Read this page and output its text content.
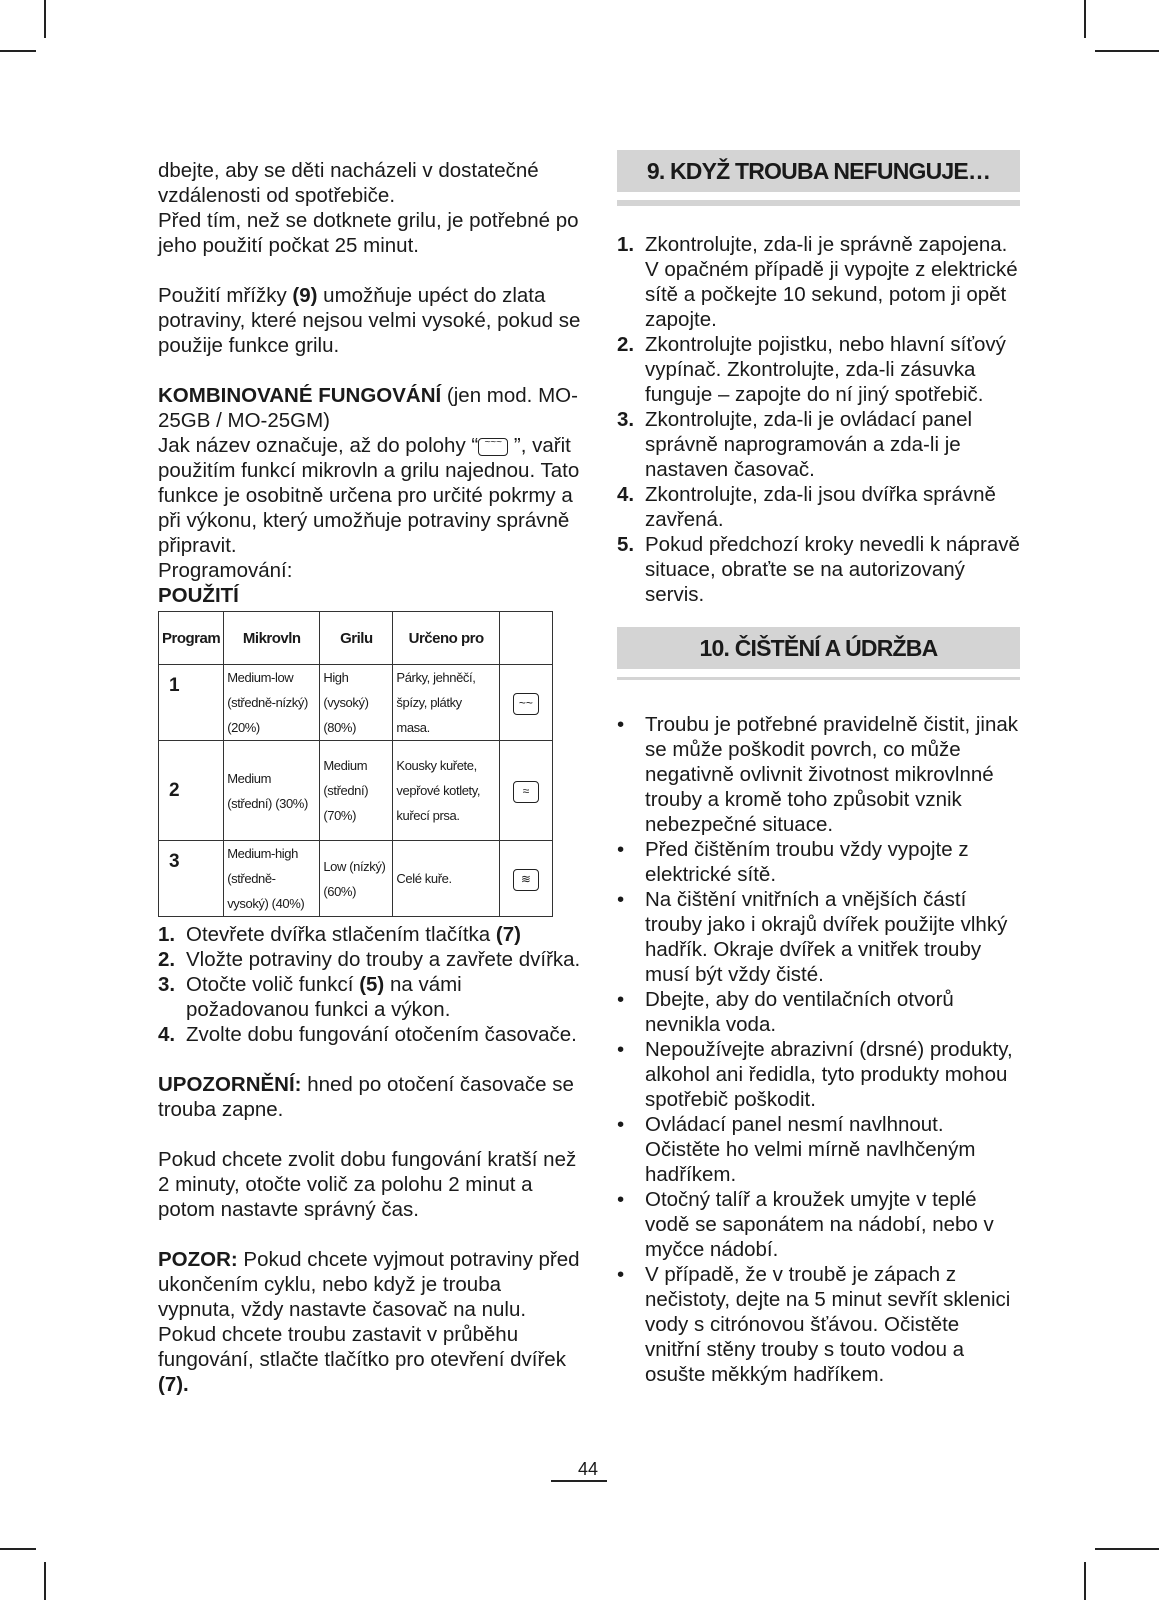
dbejte, aby se děti nacházeli v dostatečné vzdálenosti od spotřebiče.

Před tím, než se dotknete grilu, je potřebné po jeho použití počkat 25 minut.

Použití mřížky (9) umožňuje upéct do zlata potraviny, které nejsou velmi vysoké, pokud se použije funkce grilu.

KOMBINOVANÉ FUNGOVÁNÍ (jen mod. MO-25GB / MO-25GM)

Jak název označuje, až do polohy “ ~~~ ”, vařit použitím funkcí mikrovln a grilu najednou. Tato funkce je osobitně určena pro určité pokrmy a při výkonu, který umožňuje potraviny správně připravit.

Programování:

POUŽITÍ

Program	Mikrovln	Grilu	Určeno pro	
1	Medium-low (středně-nízký) (20%)	High (vysoký) (80%)	Párky, jehněčí, špízy, plátky masa.	~~
2	Medium (střední) (30%)	Medium (střední) (70%)	Kousky kuřete, vepřové kotlety, kuřecí prsa.	≈
3	Medium-high (středně-vysoký) (40%)	Low (nízký) (60%)	Celé kuře.	≋
1. Otevřete dvířka stlačením tlačítka (7)
2. Vložte potraviny do trouby a zavřete dvířka.
3. Otočte volič funkcí (5) na vámi požadovanou funkci a výkon.
4. Zvolte dobu fungování otočením časovače.

UPOZORNĚNÍ: hned po otočení časovače se trouba zapne.

Pokud chcete zvolit dobu fungování kratší než 2 minuty, otočte volič za polohu 2 minut a potom nastavte správný čas.

POZOR: Pokud chcete vyjmout potraviny před ukončením cyklu, nebo když je trouba vypnuta, vždy nastavte časovač na nulu. Pokud chcete troubu zastavit v průběhu fungování, stlačte tlačítko pro otevření dvířek (7).

9. KDYŽ TROUBA NEFUNGUJE…
1. Zkontrolujte, zda-li je správně zapojena. V opačném případě ji vypojte z elektrické sítě a počkejte 10 sekund, potom ji opět zapojte.
2. Zkontrolujte pojistku, nebo hlavní síťový vypínač. Zkontrolujte, zda-li zásuvka funguje – zapojte do ní jiný spotřebič.
3. Zkontrolujte, zda-li je ovládací panel správně naprogramován a zda-li je nastaven časovač.
4. Zkontrolujte, zda-li jsou dvířka správně zavřená.
5. Pokud předchozí kroky nevedli k nápravě situace, obraťte se na autorizovaný servis.
10. ČIŠTĚNÍ A ÚDRŽBA
•	Troubu je potřebné pravidelně čistit, jinak se může poškodit povrch, co může negativně ovlivnit životnost mikrovlnné trouby a kromě toho způsobit vznik nebezpečné situace.
•	Před čištěním troubu vždy vypojte z elektrické sítě.
•	Na čištění vnitřních a vnějších částí trouby jako i okrajů dvířek použijte vlhký hadřík. Okraje dvířek a vnitřek trouby musí být vždy čisté.
•	Dbejte, aby do ventilačních otvorů nevnikla voda.
•	Nepoužívejte abrazivní (drsné) produkty, alkohol ani ředidla, tyto produkty mohou spotřebič poškodit.
•	Ovládací panel nesmí navlhnout. Očistěte ho velmi mírně navlhčeným hadříkem.
•	Otočný talíř a kroužek umyjte v teplé vodě se saponátem na nádobí, nebo v myčce nádobí.
•	V případě, že v troubě je zápach z nečistoty, dejte na 5 minut sevřít sklenici vody s citrónovou šťávou. Očistěte vnitřní stěny trouby s touto vodou a osušte měkkým hadříkem.
44
